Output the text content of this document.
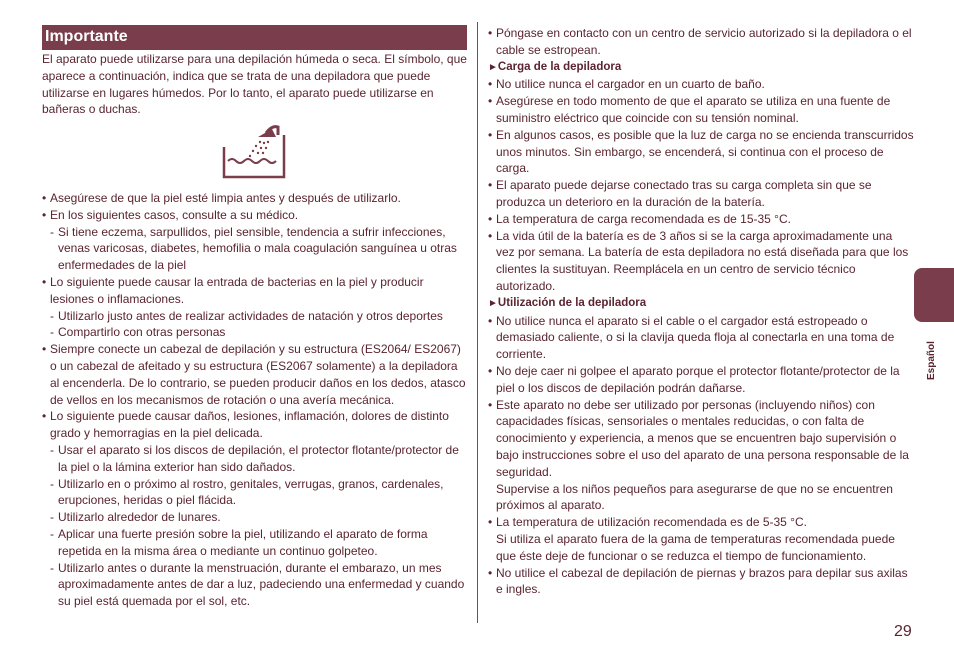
Importante

El aparato puede utilizarse para una depilación húmeda o seca. El símbolo, que aparece a continuación, indica que se trata de una depiladora que puede utilizarse en lugares húmedos. Por lo tanto, el aparato puede utilizarse en bañeras o duchas.

• Asegúrese de que la piel esté limpia antes y después de utilizarlo.

• En los siguientes casos, consulte a su médico.

- Si tiene eczema, sarpullidos, piel sensible, tendencia a sufrir infecciones, venas varicosas, diabetes, hemofilia o mala coagulación sanguínea u otras enfermedades de la piel

• Lo siguiente puede causar la entrada de bacterias en la piel y producir lesiones o inflamaciones.

- Utilizarlo justo antes de realizar actividades de natación y otros deportes

- Compartirlo con otras personas

• Siempre conecte un cabezal de depilación y su estructura (ES2064/ ES2067) o un cabezal de afeitado y su estructura (ES2067 solamente) a la depiladora al encenderla. De lo contrario, se pueden producir daños en los dedos, atasco de vellos en los mecanismos de rotación o una avería mecánica.

• Lo siguiente puede causar daños, lesiones, inflamación, dolores de distinto grado y hemorragias en la piel delicada.

- Usar el aparato si los discos de depilación, el protector flotante/protector de la piel o la lámina exterior han sido dañados.

- Utilizarlo en o próximo al rostro, genitales, verrugas, granos, cardenales, erupciones, heridas o piel flácida.

- Utilizarlo alrededor de lunares.

- Aplicar una fuerte presión sobre la piel, utilizando el aparato de forma repetida en la misma área o mediante un continuo golpeteo.

- Utilizarlo antes o durante la menstruación, durante el embarazo, un mes aproximadamente antes de dar a luz, padeciendo una enfermedad y cuando su piel está quemada por el sol, etc.

• Póngase en contacto con un centro de servicio autorizado si la depiladora o el cable se estropean.

►Carga de la depiladora

• No utilice nunca el cargador en un cuarto de baño.

• Asegúrese en todo momento de que el aparato se utiliza en una fuente de suministro eléctrico que coincide con su tensión nominal.

• En algunos casos, es posible que la luz de carga no se encienda transcurridos unos minutos. Sin embargo, se encenderá, si continua con el proceso de carga.

• El aparato puede dejarse conectado tras su carga completa sin que se produzca un deterioro en la duración de la batería.

• La temperatura de carga recomendada es de 15-35 °C.

• La vida útil de la batería es de 3 años si se la carga aproximadamente una vez por semana. La batería de esta depiladora no está diseñada para que los clientes la sustituyan. Reemplácela en un centro de servicio técnico autorizado.

►Utilización de la depiladora

• No utilice nunca el aparato si el cable o el cargador está estropeado o demasiado caliente, o si la clavija queda floja al conectarla en una toma de corriente.

• No deje caer ni golpee el aparato porque el protector flotante/protector de la piel o los discos de depilación podrán dañarse.

• Este aparato no debe ser utilizado por personas (incluyendo niños) con capacidades físicas, sensoriales o mentales reducidas, o con falta de conocimiento y experiencia, a menos que se encuentren bajo supervisión o bajo instrucciones sobre el uso del aparato de una persona responsable de la seguridad.

Supervise a los niños pequeños para asegurarse de que no se encuentren próximos al aparato.

• La temperatura de utilización recomendada es de 5-35 °C.

Si utiliza el aparato fuera de la gama de temperaturas recomendada puede que éste deje de funcionar o se reduzca el tiempo de funcionamiento.

• No utilice el cabezal de depilación de piernas y brazos para depilar sus axilas e ingles.

Español
29
